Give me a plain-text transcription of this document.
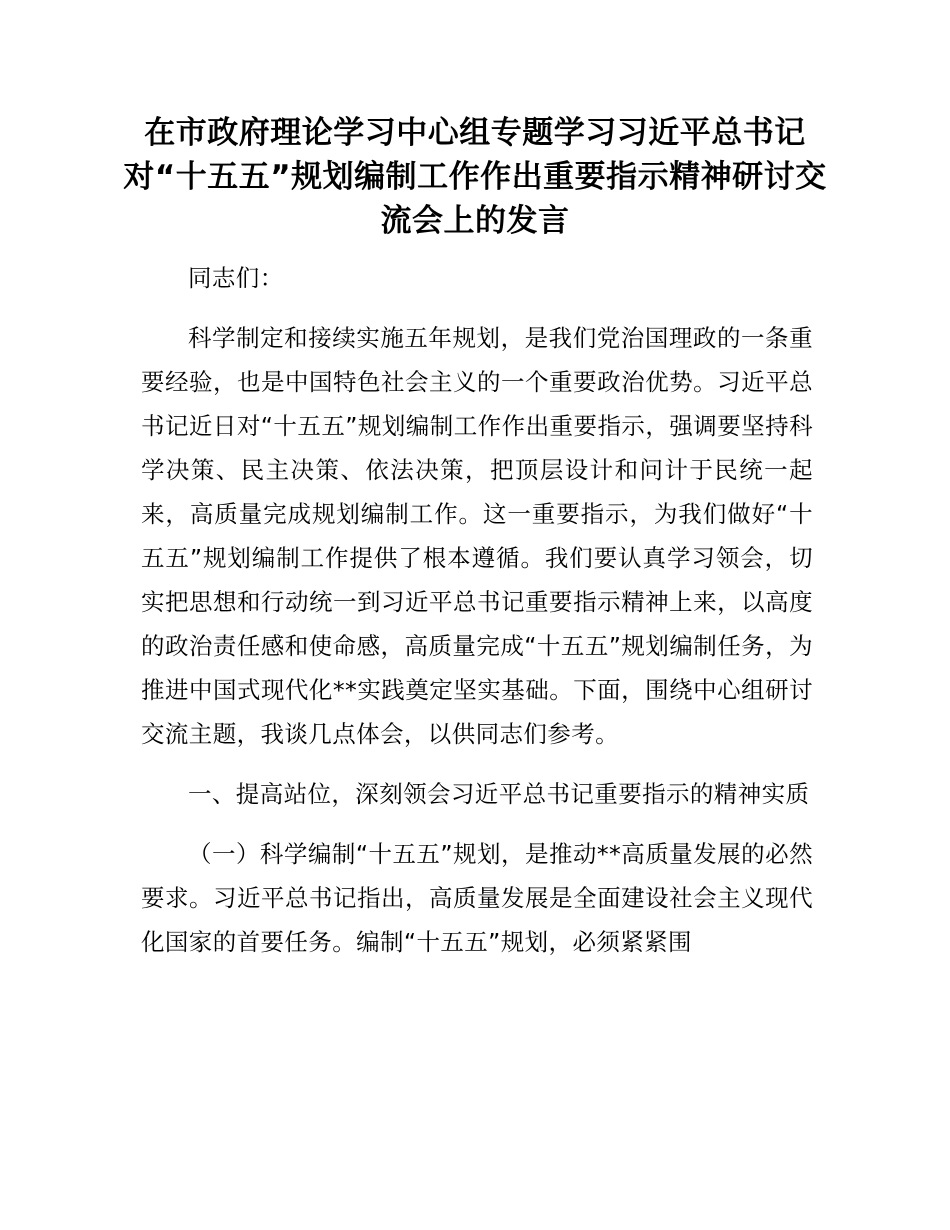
在市政府理论学习中心组专题学习习近平总书记对“十五五”规划编制工作作出重要指示精神研讨交流会上的发言

同志们：

科学制定和接续实施五年规划，是我们党治国理政的一条重要经验，也是中国特色社会主义的一个重要政治优势。习近平总书记近日对“十五五”规划编制工作作出重要指示，强调要坚持科学决策、民主决策、依法决策，把顶层设计和问计于民统一起来，高质量完成规划编制工作。这一重要指示，为我们做好“十五五”规划编制工作提供了根本遵循。我们要认真学习领会，切实把思想和行动统一到习近平总书记重要指示精神上来，以高度的政治责任感和使命感，高质量完成“十五五”规划编制任务，为推进中国式现代化**实践奠定坚实基础。下面，围绕中心组研讨交流主题，我谈几点体会，以供同志们参考。

一、提高站位，深刻领会习近平总书记重要指示的精神实质

（一）科学编制“十五五”规划，是推动**高质量发展的必然要求。习近平总书记指出，高质量发展是全面建设社会主义现代化国家的首要任务。编制“十五五”规划，必须紧紧围
